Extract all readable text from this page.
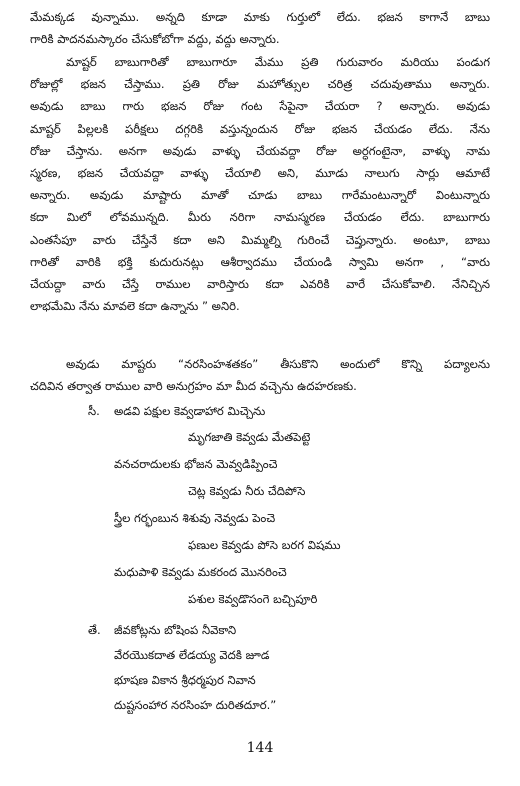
మేమక్కడ వున్నాము. అన్నది కూడా మాకు గుర్తులో లేదు. భజన కాగానే బాబు
గారికి పాదనమస్కారం చేసుకోబోగా వద్దు, వద్దు అన్నారు.
మాష్టర్ బాబుగారితో బాబుగారూ మేము ప్రతి గురువారం మరియు పండుగ
రోజుల్లో భజన చేస్తాము. ప్రతి రోజు మహోత్సుల చరిత్ర చదువుతాము అన్నారు.
అవుడు బాబు గారు భజన రోజు గంట సేపైనా చేయరా ? అన్నారు. అవుడు
మాష్టర్ పిల్లలకి పరీక్షలు దగ్గరికి వస్తున్నందున రోజు భజన చేయడం లేదు. నేను
రోజు చేస్తాను. అనగా అవుడు వాళ్ళు చేయవద్దా రోజు అర్ధగంటైనా, వాళ్ళు నామ
స్మరణ, భజన చేయవద్దా వాళ్ళు చేయాలి అని, మూడు నాలుగు సార్లు ఆమాటే
అన్నారు. అవుడు మాష్టారు మాతో చూడు బాబు గారేమంటున్నారో వింటున్నారు
కదా మిలో లోవమున్నది. మీరు నరిగా నామస్మరణ చేయడం లేదు. బాబుగారు
ఎంతసేపూ వారు చేస్తేనే కదా అని మిమ్మల్ని గురించే చెప్తున్నారు. అంటూ, బాబు
గారితో వారికి భక్తి కుదురునట్లు ఆశీర్వాదము చేయండి స్వామి అనగా , “వారు
చేయద్దా వారు చేస్తే రాముల వారిస్తారు కదా ఎవరికి వారే చేసుకోవాలి. నేనిచ్చిన
లాభమేమి నేను మావలె కదా ఉన్నాను ” అనిరి.
అవుడు మాష్టరు “నరసింహశతకం” తీసుకొని అందులో కొన్ని పద్యాలను
చదివిన తర్వాత రాముల వారి అనుగ్రహం మా మీద వచ్చెను ఉదహరణకు.
సీ. అడవి పక్షుల కెవ్వడాహార మిచ్చెను
మృగజాతి కెవ్వడు మేతపెట్టె
వనచరాదులకు భోజన మెవ్వడిప్పించె
చెట్ల కెవ్వడు నీరు చేదిపోసె
స్త్రీల గర్భంబున శిశువు నెవ్వడు పెంచె
ఫణుల కెవ్వడు పోసె బరగ విషము
మధుపాళి కెవ్వడు మకరంద మొనరించె
పశుల కెవ్వడొసంగె బచ్చిపూరి
తే. జీవకోట్లను బోషింప నీవెకాని
వేరయొకదాత లేడయ్య వెదకి జూడ
భూషణ వికాన శ్రీధర్మపుర నివాన
దుష్టసంహార నరసింహ దురితదూర.”
144
